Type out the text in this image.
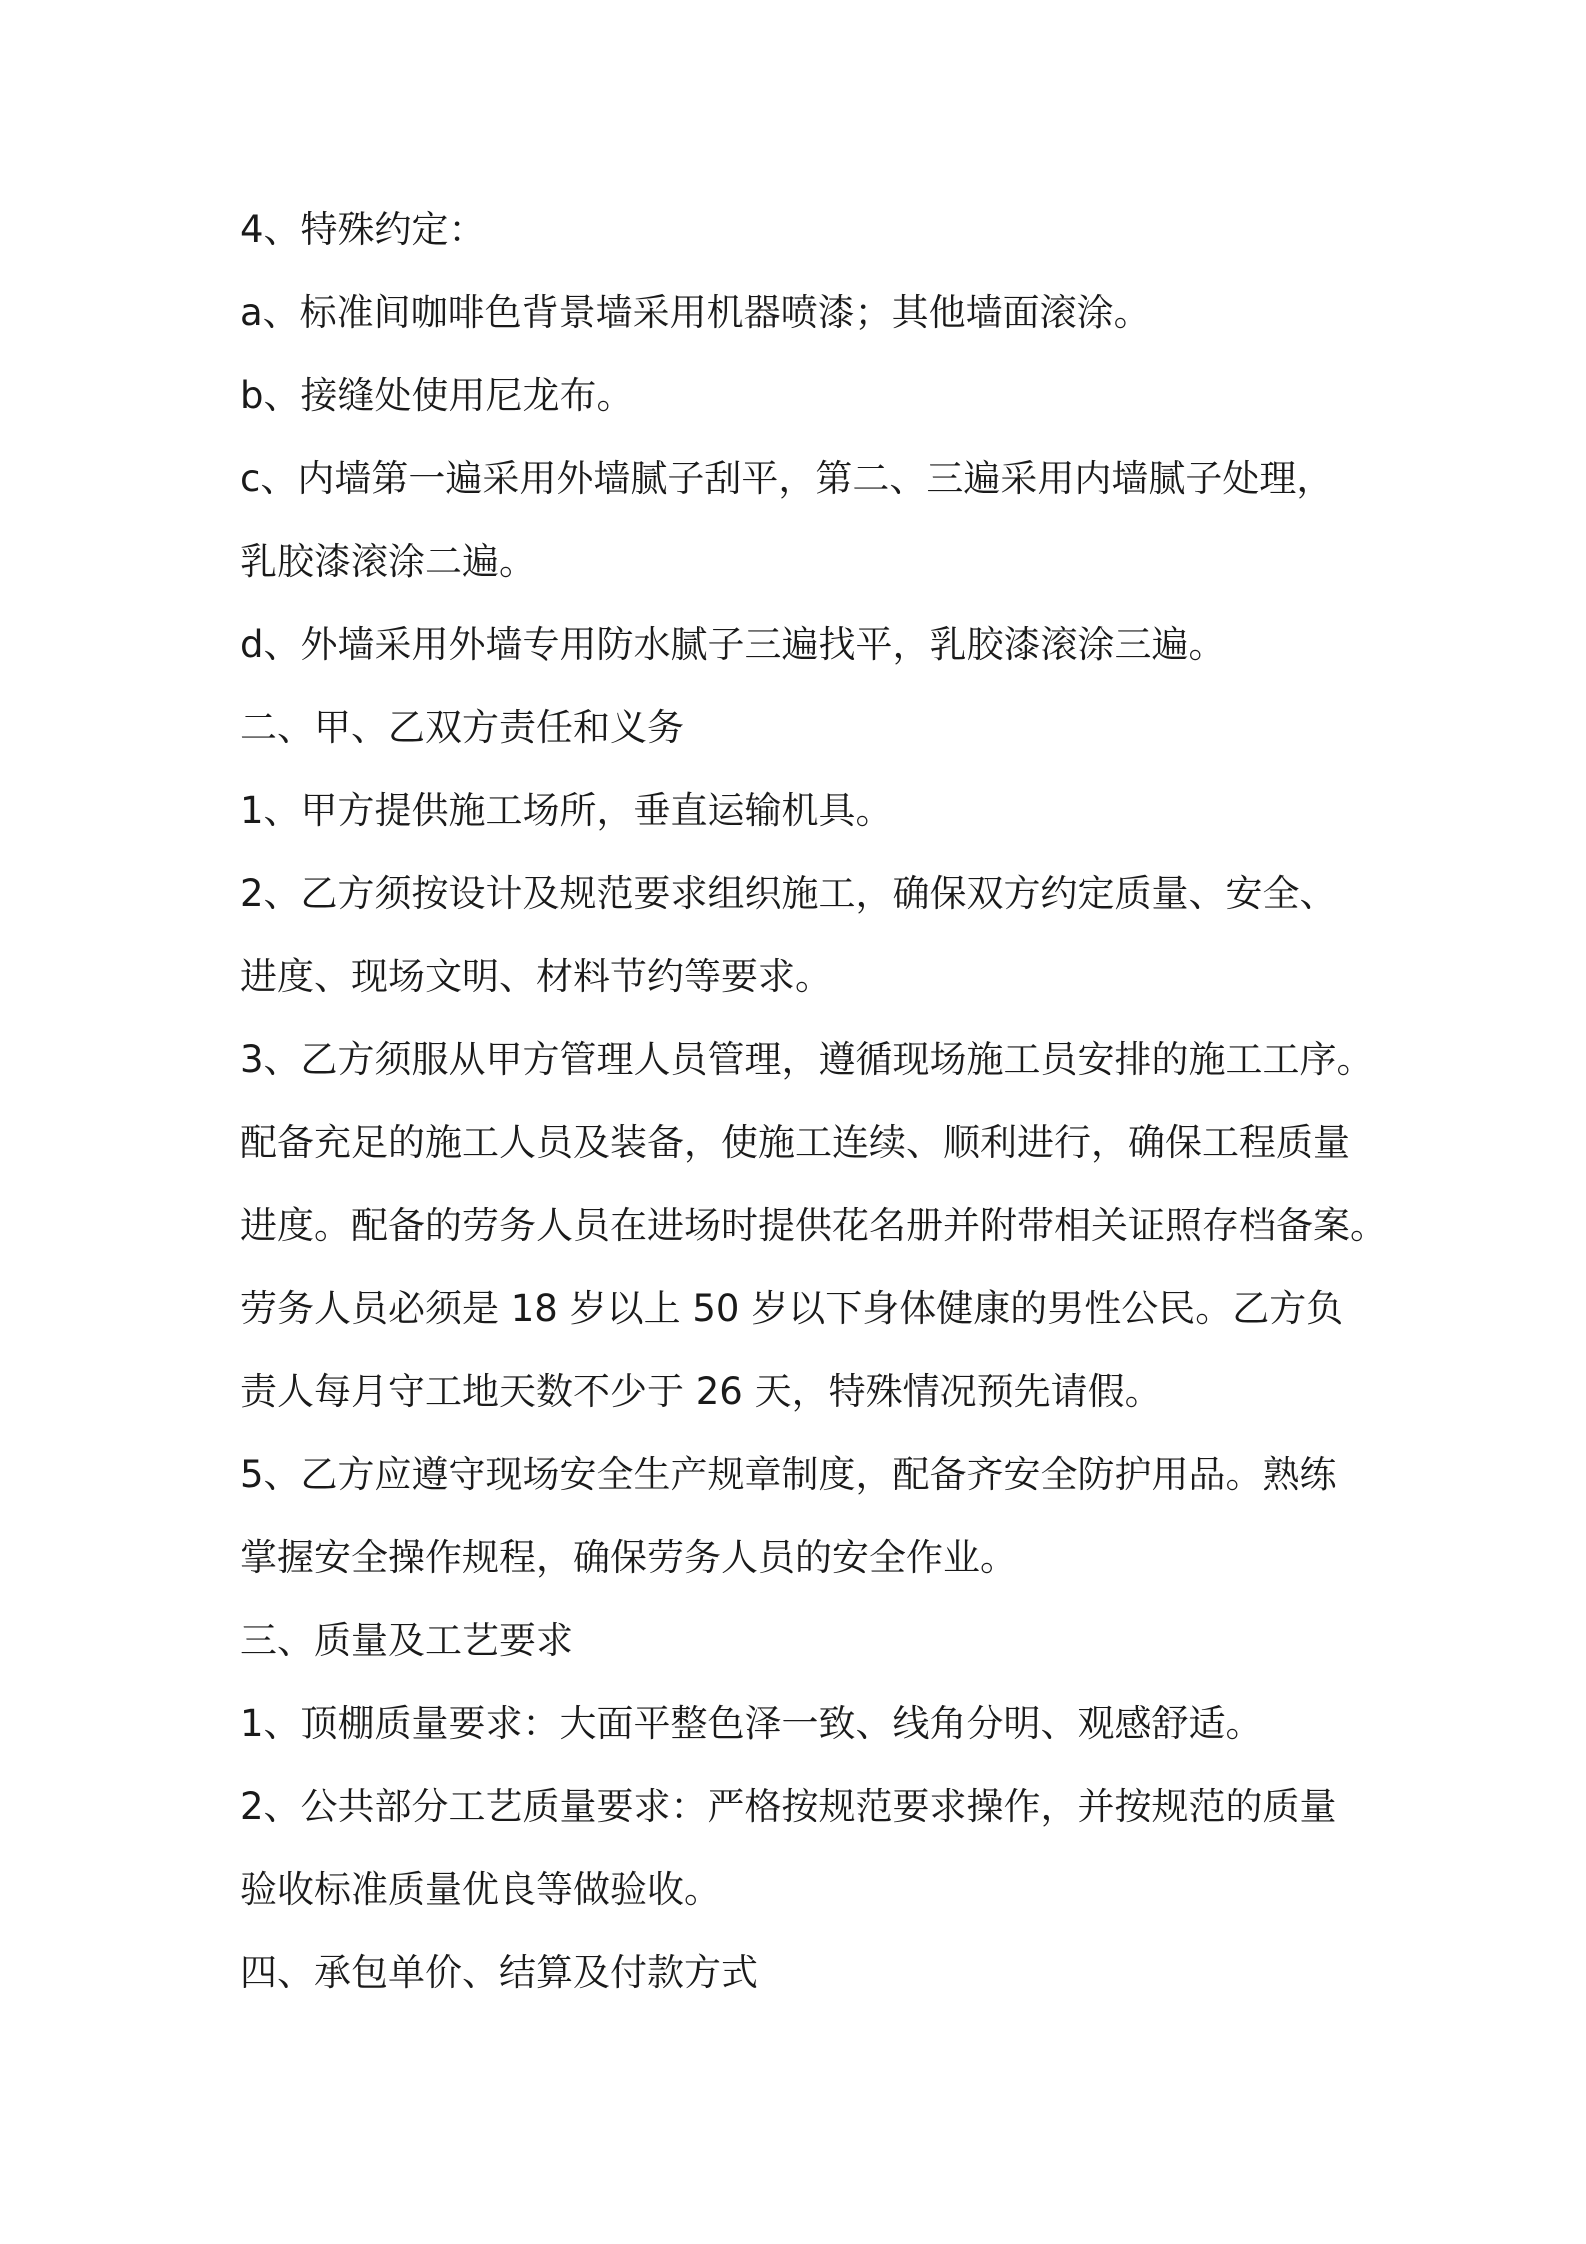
4、特殊约定：
a、标准间咖啡色背景墙采用机器喷漆；其他墙面滚涂。
b、接缝处使用尼龙布。
c、内墙第一遍采用外墙腻子刮平，第二、三遍采用内墙腻子处理，
乳胶漆滚涂二遍。
d、外墙采用外墙专用防水腻子三遍找平，乳胶漆滚涂三遍。
二、甲、乙双方责任和义务
1、甲方提供施工场所，垂直运输机具。
2、乙方须按设计及规范要求组织施工，确保双方约定质量、安全、
进度、现场文明、材料节约等要求。
3、乙方须服从甲方管理人员管理，遵循现场施工员安排的施工工序。
配备充足的施工人员及装备，使施工连续、顺利进行，确保工程质量
进度。配备的劳务人员在进场时提供花名册并附带相关证照存档备案。
劳务人员必须是 18 岁以上 50 岁以下身体健康的男性公民。乙方负
责人每月守工地天数不少于 26 天，特殊情况预先请假。
5、乙方应遵守现场安全生产规章制度，配备齐安全防护用品。熟练
掌握安全操作规程，确保劳务人员的安全作业。
三、质量及工艺要求
1、顶棚质量要求：大面平整色泽一致、线角分明、观感舒适。
2、公共部分工艺质量要求：严格按规范要求操作，并按规范的质量
验收标准质量优良等做验收。
四、承包单价、结算及付款方式
